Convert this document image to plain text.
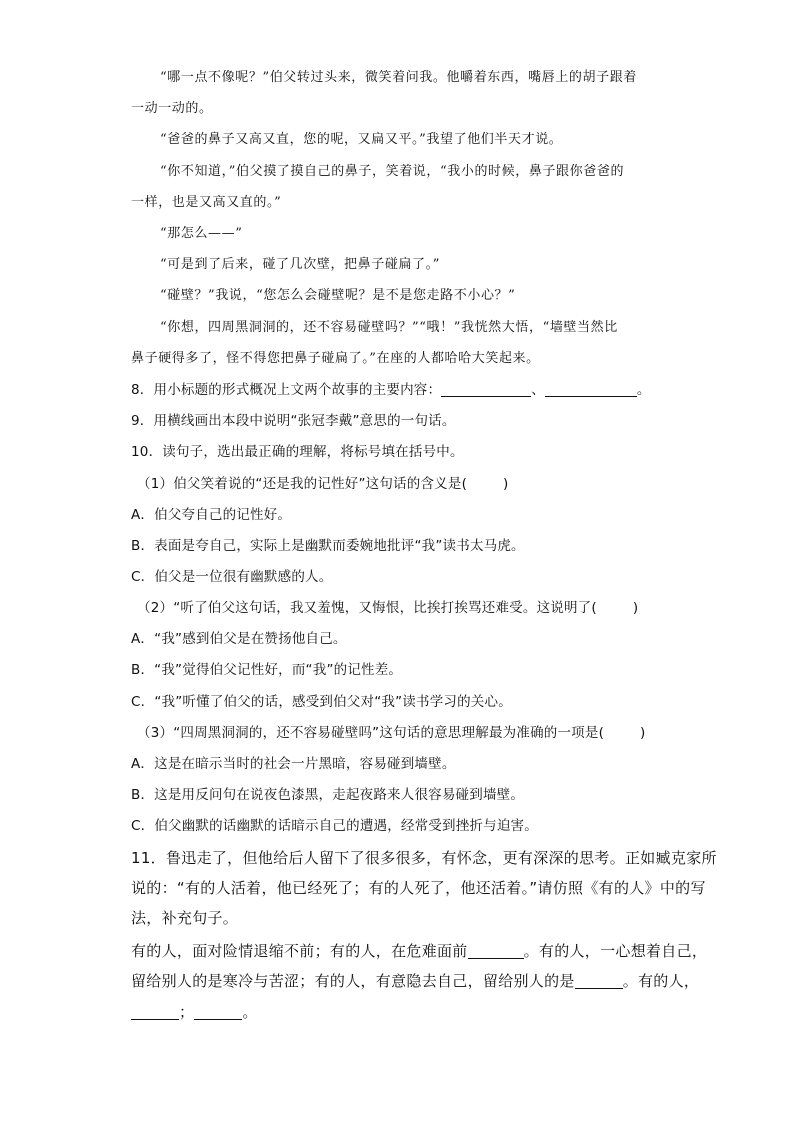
“哪一点不像呢？”伯父转过头来，微笑着问我。他嚼着东西，嘴唇上的胡子跟着
一动一动的。
“爸爸的鼻子又高又直，您的呢，又扁又平。”我望了他们半天才说。
“你不知道，”伯父摸了摸自己的鼻子，笑着说，“我小的时候，鼻子跟你爸爸的
一样，也是又高又直的。”
“那怎么——”
“可是到了后来，碰了几次壁，把鼻子碰扁了。”
“碰壁？”我说，“您怎么会碰壁呢？是不是您走路不小心？”
“你想，四周黑洞洞的，还不容易碰壁吗？”“哦！”我恍然大悟，“墙壁当然比
鼻子硬得多了，怪不得您把鼻子碰扁了。”在座的人都哈哈大笑起来。
8．用小标题的形式概况上文两个故事的主要内容：	、	。
9．用横线画出本段中说明“张冠李戴”意思的一句话。
10．读句子，选出最正确的理解，将标号填在括号中。
（1）伯父笑着说的“还是我的记性好”这句话的含义是(	)
A．伯父夸自己的记性好。
B．表面是夸自己，实际上是幽默而委婉地批评“我”读书太马虎。
C．伯父是一位很有幽默感的人。
（2）“听了伯父这句话，我又羞愧，又悔恨，比挨打挨骂还难受。这说明了(	)
A．“我”感到伯父是在赞扬他自己。
B．“我”觉得伯父记性好，而“我”的记性差。
C．“我”听懂了伯父的话，感受到伯父对“我”读书学习的关心。
（3）“四周黑洞洞的，还不容易碰壁吗”这句话的意思理解最为准确的一项是(	)
A．这是在暗示当时的社会一片黑暗，容易碰到墙壁。
B．这是用反问句在说夜色漆黑，走起夜路来人很容易碰到墙壁。
C．伯父幽默的话幽默的话暗示自己的遭遇，经常受到挫折与迫害。
11．鲁迅走了，但他给后人留下了很多很多，有怀念，更有深深的思考。正如臧克家所
说的：“有的人活着，他已经死了；有的人死了，他还活着。”请仿照《有的人》中的写
法，补充句子。
有的人，面对险情退缩不前；有的人，在危难面前	。有的人，一心想着自己，
留给别人的是寒冷与苦涩；有的人，有意隐去自己，留给别人的是	。有的人，
；	。
